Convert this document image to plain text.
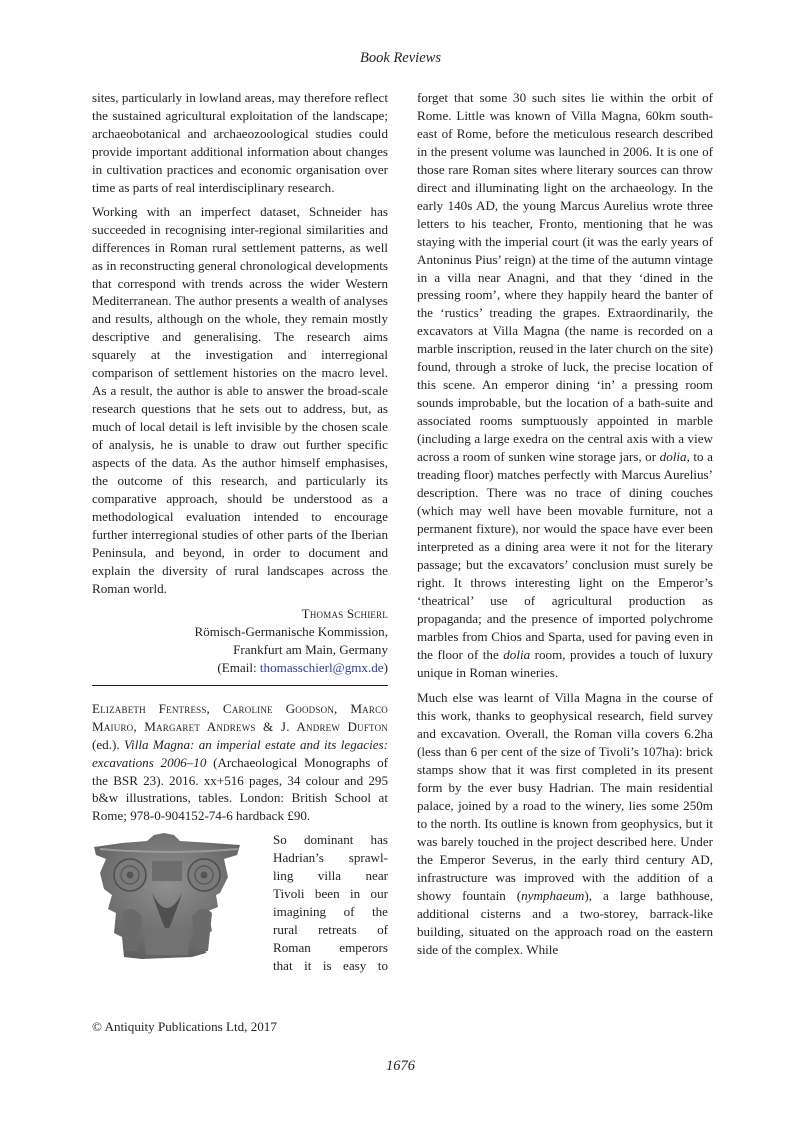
Book Reviews

sites, particularly in lowland areas, may therefore reflect the sustained agricultural exploitation of the landscape; archaeobotanical and archaeozoological studies could provide important additional information about changes in cultivation practices and economic organisation over time as parts of real interdisciplinary research.

Working with an imperfect dataset, Schneider has succeeded in recognising inter-regional similarities and differences in Roman rural settlement patterns, as well as in reconstructing general chronological developments that correspond with trends across the wider Western Mediterranean. The author presents a wealth of analyses and results, although on the whole, they remain mostly descriptive and generalising. The research aims squarely at the investigation and interregional comparison of settlement histories on the macro level. As a result, the author is able to answer the broad-scale research questions that he sets out to address, but, as much of local detail is left invisible by the chosen scale of analysis, he is unable to draw out further specific aspects of the data. As the author himself emphasises, the outcome of this research, and particularly its comparative approach, should be understood as a methodological evaluation intended to encourage further interregional studies of other parts of the Iberian Peninsula, and beyond, in order to document and explain the diversity of rural landscapes across the Roman world.

Thomas Schierl
Römisch-Germanische Kommission,
Frankfurt am Main, Germany
(Email: thomasschierl@gmx.de)

Elizabeth Fentress, Caroline Goodson, Marco Maiuro, Margaret Andrews & J. Andrew Dufton (ed.). Villa Magna: an imperial estate and its legacies: excavations 2006–10 (Archaeological Monographs of the BSR 23). 2016. xx+516 pages, 34 colour and 295 b&w illustrations, tables. London: British School at Rome; 978-0-904152-74-6 hardback £90.

So dominant has
Hadrian’s sprawl-
ling villa near
Tivoli been in our
imagining of the
rural retreats of
Roman emperors
that it is easy to

forget that some 30 such sites lie within the orbit of Rome. Little was known of Villa Magna, 60km south-east of Rome, before the meticulous research described in the present volume was launched in 2006. It is one of those rare Roman sites where literary sources can throw direct and illuminating light on the archaeology. In the early 140s AD, the young Marcus Aurelius wrote three letters to his teacher, Fronto, mentioning that he was staying with the imperial court (it was the early years of Antoninus Pius’ reign) at the time of the autumn vintage in a villa near Anagni, and that they ‘dined in the pressing room’, where they happily heard the banter of the ‘rustics’ treading the grapes. Extraordinarily, the excavators at Villa Magna (the name is recorded on a marble inscription, reused in the later church on the site) found, through a stroke of luck, the precise location of this scene. An emperor dining ‘in’ a pressing room sounds improbable, but the location of a bath-suite and associated rooms sumptuously appointed in marble (including a large exedra on the central axis with a view across a room of sunken wine storage jars, or dolia, to a treading floor) matches perfectly with Marcus Aurelius’ description. There was no trace of dining couches (which may well have been movable furniture, not a permanent fixture), nor would the space have ever been interpreted as a dining area were it not for the literary passage; but the excavators’ conclusion must surely be right. It throws interesting light on the Emperor’s ‘theatrical’ use of agricultural production as propaganda; and the presence of imported polychrome marbles from Chios and Sparta, used for paving even in the floor of the dolia room, provides a touch of luxury unique in Roman wineries.

Much else was learnt of Villa Magna in the course of this work, thanks to geophysical research, field survey and excavation. Overall, the Roman villa covers 6.2ha (less than 6 per cent of the size of Tivoli’s 107ha): brick stamps show that it was first completed in its present form by the ever busy Hadrian. The main residential palace, joined by a road to the winery, lies some 250m to the north. Its outline is known from geophysics, but it was barely touched in the project described here. Under the Emperor Severus, in the early third century AD, infrastructure was improved with the addition of a showy fountain (nymphaeum), a large bathhouse, additional cisterns and a two-storey, barrack-like building, situated on the approach road on the eastern side of the complex. While

© Antiquity Publications Ltd, 2017
1676
